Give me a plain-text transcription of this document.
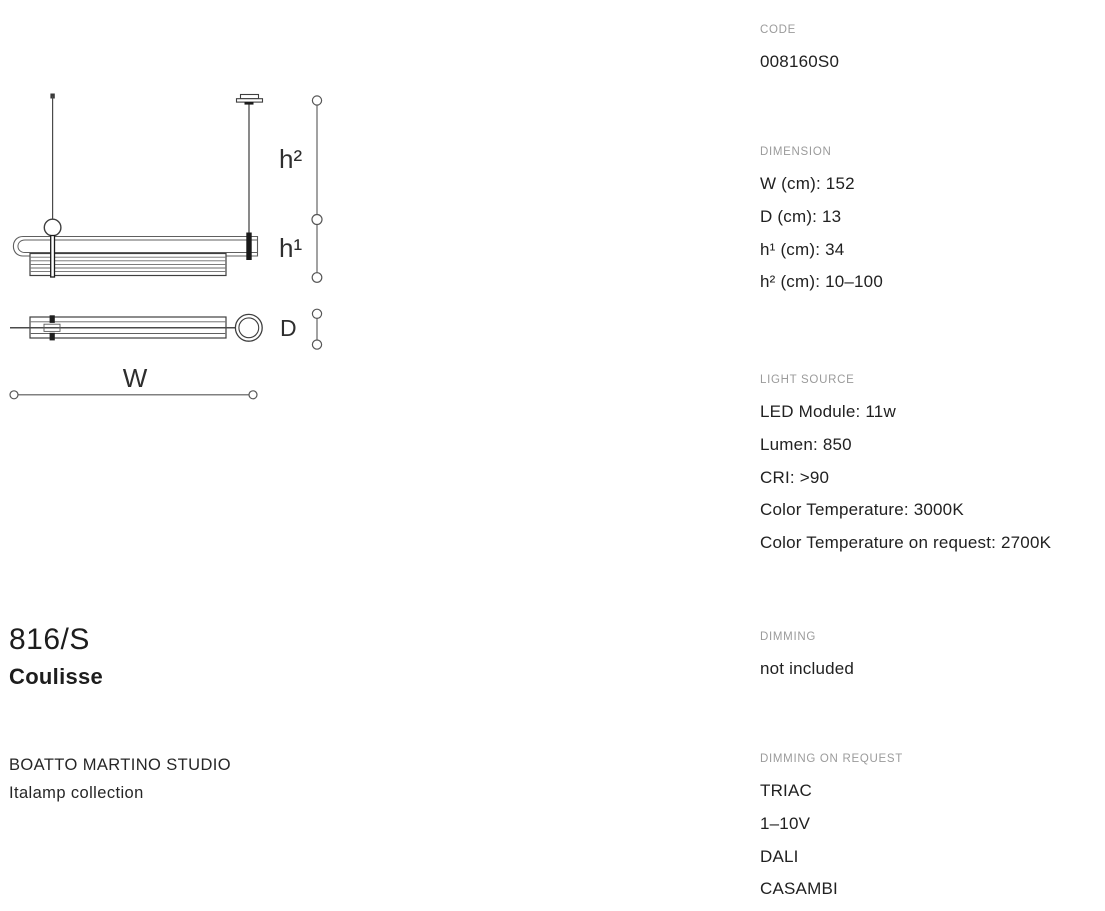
h²
h¹
D
W
816/S
Coulisse
BOATTO MARTINO STUDIO
Italamp collection
CODE
008160S0
DIMENSION
W (cm): 152
D (cm): 13
h¹ (cm): 34
h² (cm): 10–100
LIGHT SOURCE
LED Module: 11w
Lumen: 850
CRI: >90
Color Temperature: 3000K
Color Temperature on request: 2700K
DIMMING
not included
DIMMING ON REQUEST
TRIAC
1–10V
DALI
CASAMBI
